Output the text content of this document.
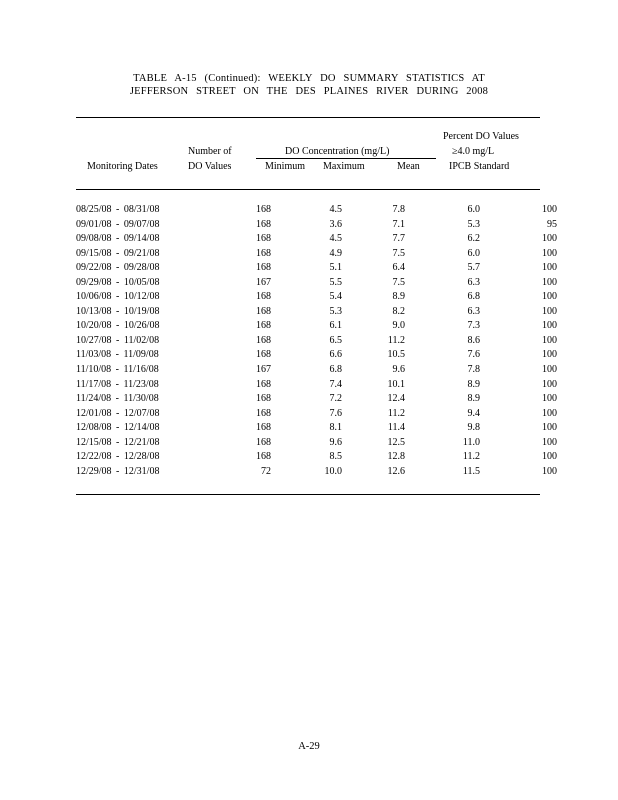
TABLE A-15 (Continued): WEEKLY DO SUMMARY STATISTICS AT
JEFFERSON STREET ON THE DES PLAINES RIVER DURING 2008
Percent DO Values
Number of	DO Concentration (mg/L)	≥4.0 mg/L
Monitoring Dates	DO Values	Minimum Maximum	Mean	IPCB Standard
08/25/08 - 08/31/08	168	4.5	7.8	6.0	100
09/01/08 - 09/07/08	168	3.6	7.1	5.3	95
09/08/08 - 09/14/08	168	4.5	7.7	6.2	100
09/15/08 - 09/21/08	168	4.9	7.5	6.0	100
09/22/08 - 09/28/08	168	5.1	6.4	5.7	100
09/29/08 - 10/05/08	167	5.5	7.5	6.3	100
10/06/08 - 10/12/08	168	5.4	8.9	6.8	100
10/13/08 - 10/19/08	168	5.3	8.2	6.3	100
10/20/08 - 10/26/08	168	6.1	9.0	7.3	100
10/27/08 - 11/02/08	168	6.5	11.2	8.6	100
11/03/08 - 11/09/08	168	6.6	10.5	7.6	100
11/10/08 - 11/16/08	167	6.8	9.6	7.8	100
11/17/08 - 11/23/08	168	7.4	10.1	8.9	100
11/24/08 - 11/30/08	168	7.2	12.4	8.9	100
12/01/08 - 12/07/08	168	7.6	11.2	9.4	100
12/08/08 - 12/14/08	168	8.1	11.4	9.8	100
12/15/08 - 12/21/08	168	9.6	12.5	11.0	100
12/22/08 - 12/28/08	168	8.5	12.8	11.2	100
12/29/08 - 12/31/08	72	10.0	12.6	11.5	100
A-29
